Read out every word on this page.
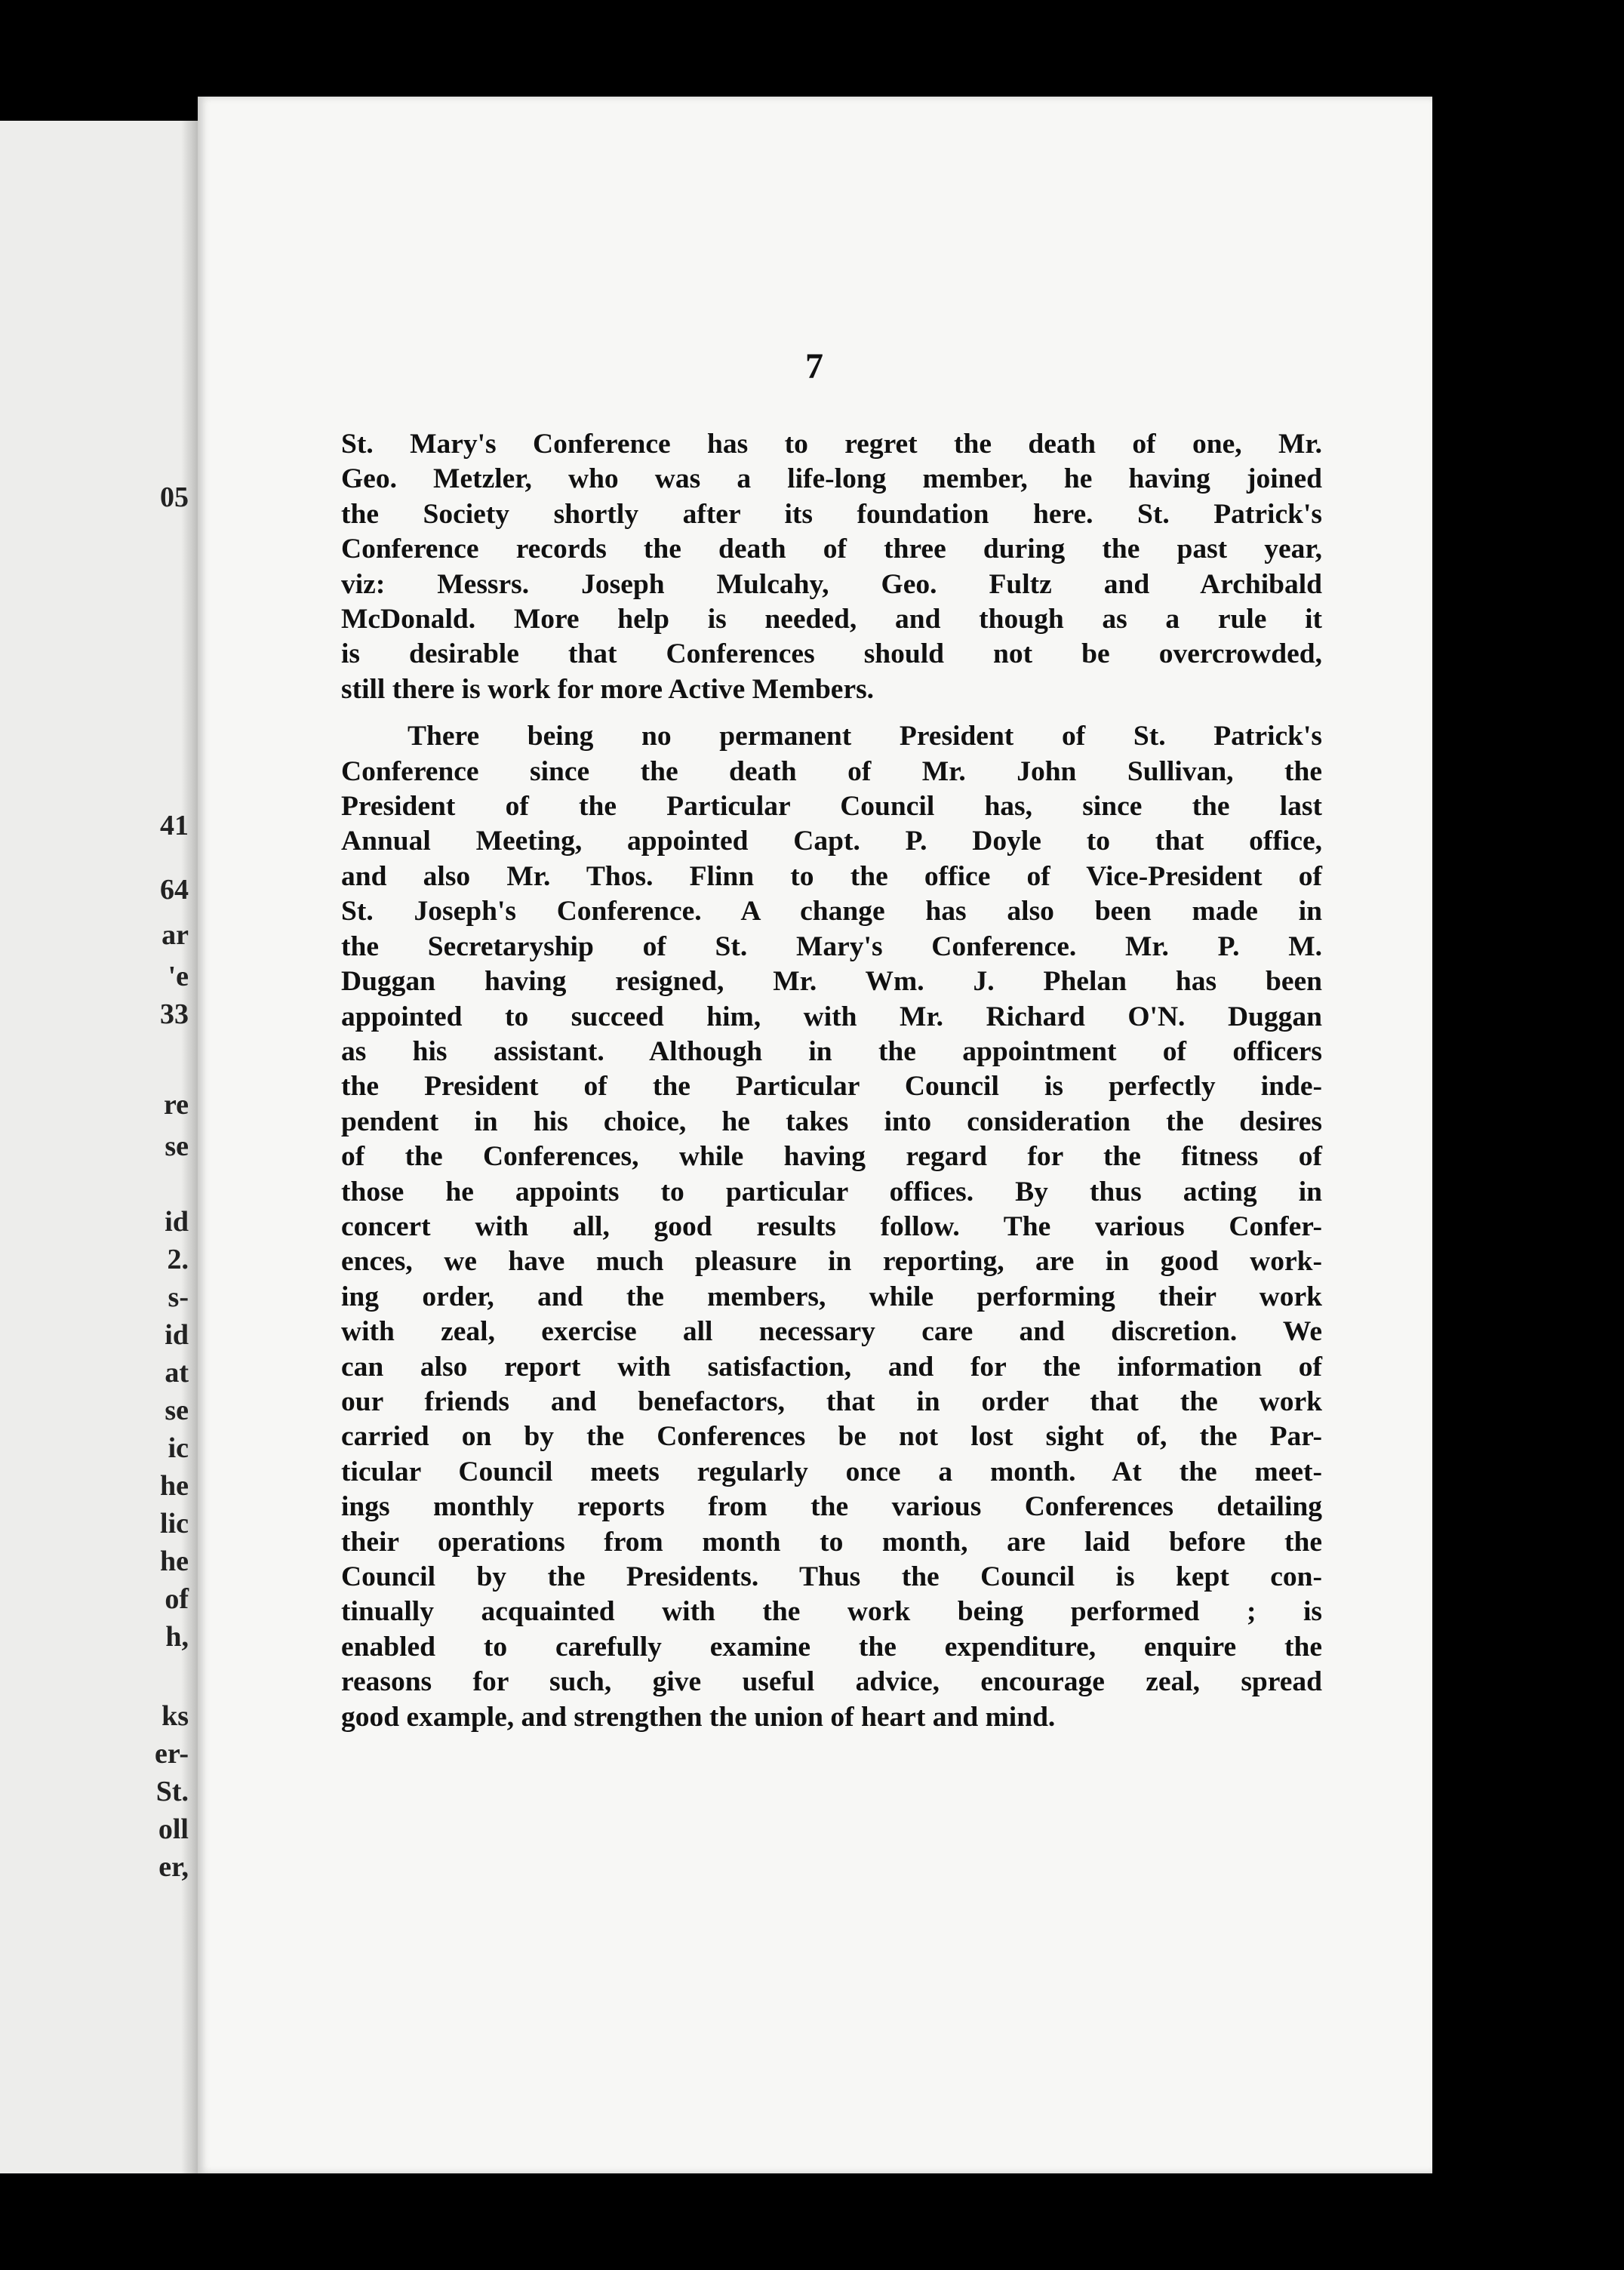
05
41
64
ar
'e
33
re
se
id
2.
s-
id
at
se
ic
he
lic
he
of
h,
ks
er-
St.
oll
er,
7

St. Mary's Conference has to regret the death of one, Mr.
Geo. Metzler, who was a life-long member, he having joined
the Society shortly after its foundation here. St. Patrick's
Conference records the death of three during the past year,
viz: Messrs. Joseph Mulcahy, Geo. Fultz and Archibald
McDonald. More help is needed, and though as a rule it
is desirable that Conferences should not be overcrowded,
still there is work for more Active Members.

There being no permanent President of St. Patrick's
Conference since the death of Mr. John Sullivan, the
President of the Particular Council has, since the last
Annual Meeting, appointed Capt. P. Doyle to that office,
and also Mr. Thos. Flinn to the office of Vice-President of
St. Joseph's Conference. A change has also been made in
the Secretaryship of St. Mary's Conference. Mr. P. M.
Duggan having resigned, Mr. Wm. J. Phelan has been
appointed to succeed him, with Mr. Richard O'N. Duggan
as his assistant. Although in the appointment of officers
the President of the Particular Council is perfectly inde-
pendent in his choice, he takes into consideration the desires
of the Conferences, while having regard for the fitness of
those he appoints to particular offices. By thus acting in
concert with all, good results follow. The various Confer-
ences, we have much pleasure in reporting, are in good work-
ing order, and the members, while performing their work
with zeal, exercise all necessary care and discretion. We
can also report with satisfaction, and for the information of
our friends and benefactors, that in order that the work
carried on by the Conferences be not lost sight of, the Par-
ticular Council meets regularly once a month. At the meet-
ings monthly reports from the various Conferences detailing
their operations from month to month, are laid before the
Council by the Presidents. Thus the Council is kept con-
tinually acquainted with the work being performed ; is
enabled to carefully examine the expenditure, enquire the
reasons for such, give useful advice, encourage zeal, spread
good example, and strengthen the union of heart and mind.
